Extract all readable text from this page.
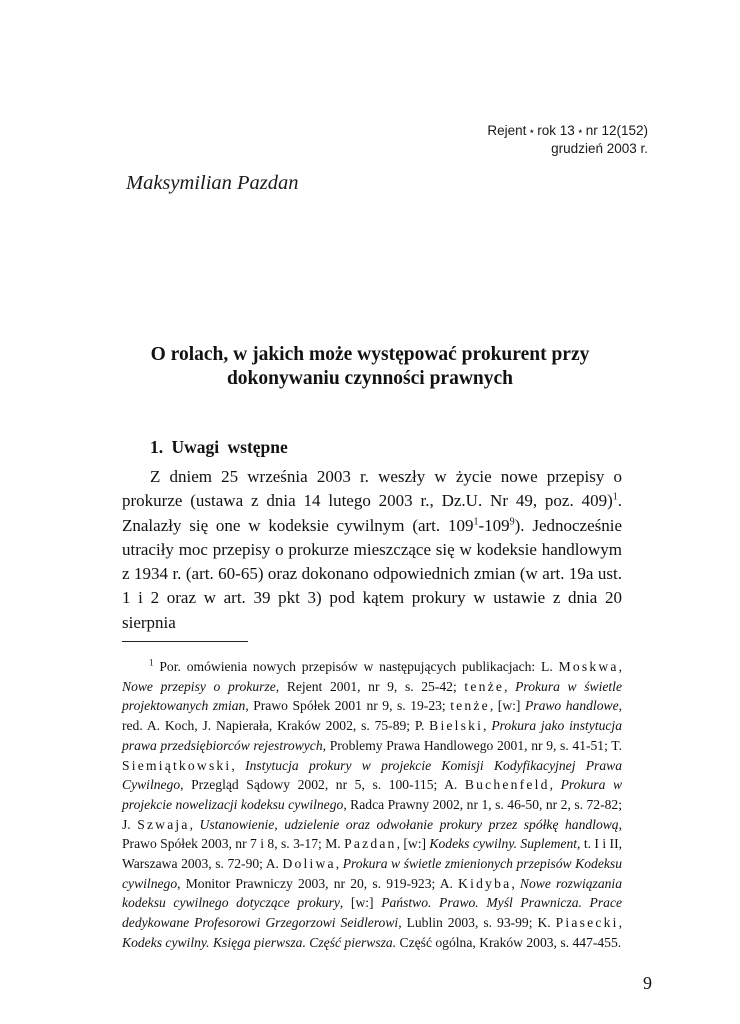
Rejent ⭑ rok 13 ⭑ nr 12(152)
grudzień 2003 r.
Maksymilian Pazdan
O rolach, w jakich może występować prokurent przy dokonywaniu czynności prawnych
1. Uwagi wstępne

Z dniem 25 września 2003 r. weszły w życie nowe przepisy o prokurze (ustawa z dnia 14 lutego 2003 r., Dz.U. Nr 49, poz. 409)$^1$. Znalazły się one w kodeksie cywilnym (art. $109^1-109^9$). Jednocześnie utraciły moc przepisy o prokurze mieszczące się w kodeksie handlowym z 1934 r. (art. 60-65) oraz dokonano odpowiednich zmian (w art. 19a ust. 1 i 2 oraz w art. 39 pkt 3) pod kątem prokury w ustawie z dnia 20 sierpnia

$^1$ Por. omówienia nowych przepisów w następujących publikacjach: L. Moskwa, Nowe przepisy o prokurze, Rejent 2001, nr 9, s. 25-42; tenże, Prokura w świetle projektowanych zmian, Prawo Spółek 2001 nr 9, s. 19-23; tenże, [w:] Prawo handlowe, red. A. Koch, J. Napierała, Kraków 2002, s. 75-89; P. Bielski, Prokura jako instytucja prawa przedsiębiorców rejestrowych, Problemy Prawa Handlowego 2001, nr 9, s. 41-51; T. Siemiątkowski, Instytucja prokury w projekcie Komisji Kodyfikacyjnej Prawa Cywilnego, Przegląd Sądowy 2002, nr 5, s. 100-115; A. Buchenfeld, Prokura w projekcie nowelizacji kodeksu cywilnego, Radca Prawny 2002, nr 1, s. 46-50, nr 2, s. 72-82; J. Szwaja, Ustanowienie, udzielenie oraz odwołanie prokury przez spółkę handlową, Prawo Spółek 2003, nr 7 i 8, s. 3-17; M. Pazdan, [w:] Kodeks cywilny. Suplement, t. I i II, Warszawa 2003, s. 72-90; A. Doliwa, Prokura w świetle zmienionych przepisów Kodeksu cywilnego, Monitor Prawniczy 2003, nr 20, s. 919-923; A. Kidyba, Nowe rozwiązania kodeksu cywilnego dotyczące prokury, [w:] Państwo. Prawo. Myśl Prawnicza. Prace dedykowane Profesorowi Grzegorzowi Seidlerowi, Lublin 2003, s. 93-99; K. Piasecki, Kodeks cywilny. Księga pierwsza. Część pierwsza. Część ogólna, Kraków 2003, s. 447-455.

9
